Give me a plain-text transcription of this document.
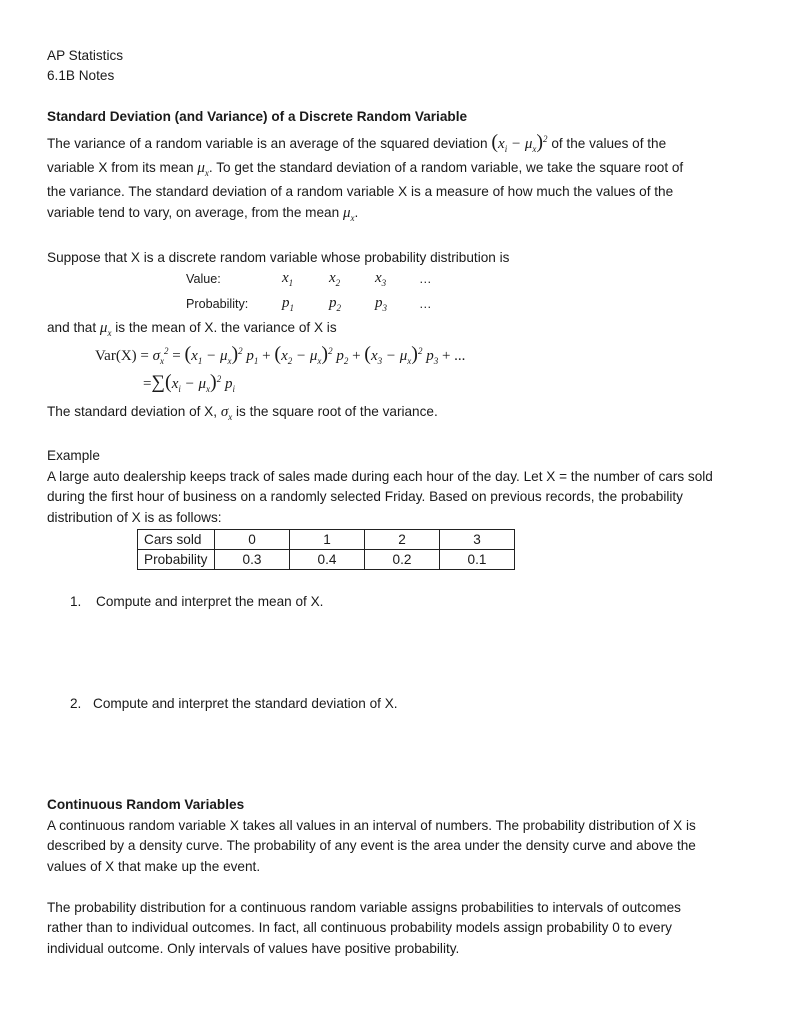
AP Statistics
6.1B Notes
Standard Deviation (and Variance) of a Discrete Random Variable
The variance of a random variable is an average of the squared deviation $(x_i - \mu_x)^2$ of the values of the
variable X from its mean $\mu_x$. To get the standard deviation of a random variable, we take the square root of
the variance. The standard deviation of a random variable X is a measure of how much the values of the
variable tend to vary, on average, from the mean $\mu_x$.
Suppose that X is a discrete random variable whose probability distribution is
Value:	$x_1$ $x_2$ $x_3$	…
Probability: $p_1$ $p_2$ $p_3$	…
and that $\mu_x$ is the mean of X. the variance of X is
$Var(X) = \sigma_x^2 = (x_1 - \mu_x)^2$ $p_1 + (x_2 - \mu_x)^2$ $p_2 + (x_3 - \mu_x)^2$ $p_3$ + ...
$=\sum(x_i - \mu_x)^2$ $p_i$
The standard deviation of X, $\sigma_x$ is the square root of the variance.
Example
A large auto dealership keeps track of sales made during each hour of the day. Let X = the number of cars sold
during the first hour of business on a randomly selected Friday. Based on previous records, the probability
distribution of X is as follows:
Cars sold	0	1	2	3
Probability	0.3	0.4	0.2	0.1
1. Compute and interpret the mean of X.
2. Compute and interpret the standard deviation of X.
Continuous Random Variables
A continuous random variable X takes all values in an interval of numbers. The probability distribution of X is
described by a density curve. The probability of any event is the area under the density curve and above the
values of X that make up the event.
The probability distribution for a continuous random variable assigns probabilities to intervals of outcomes
rather than to individual outcomes. In fact, all continuous probability models assign probability 0 to every
individual outcome. Only intervals of values have positive probability.
